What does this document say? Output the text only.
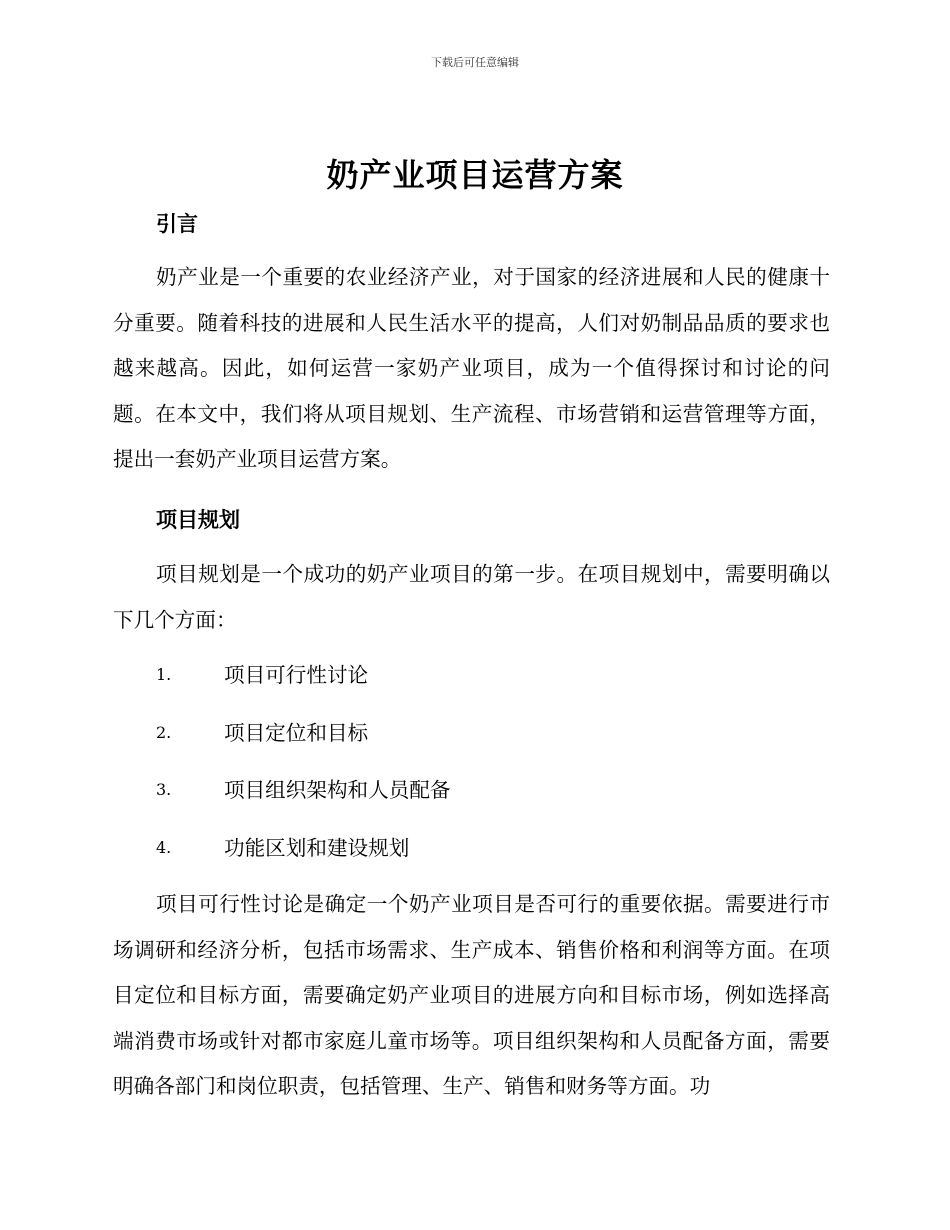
下载后可任意编辑
奶产业项目运营方案
引言
奶产业是一个重要的农业经济产业，对于国家的经济进展和人民的健康十分重要。随着科技的进展和人民生活水平的提高，人们对奶制品品质的要求也越来越高。因此，如何运营一家奶产业项目，成为一个值得探讨和讨论的问题。在本文中，我们将从项目规划、生产流程、市场营销和运营管理等方面，提出一套奶产业项目运营方案。
项目规划
项目规划是一个成功的奶产业项目的第一步。在项目规划中，需要明确以下几个方面：
1.	项目可行性讨论
2.	项目定位和目标
3.	项目组织架构和人员配备
4.	功能区划和建设规划
项目可行性讨论是确定一个奶产业项目是否可行的重要依据。需要进行市场调研和经济分析，包括市场需求、生产成本、销售价格和利润等方面。在项目定位和目标方面，需要确定奶产业项目的进展方向和目标市场，例如选择高端消费市场或针对都市家庭儿童市场等。项目组织架构和人员配备方面，需要明确各部门和岗位职责，包括管理、生产、销售和财务等方面。功
